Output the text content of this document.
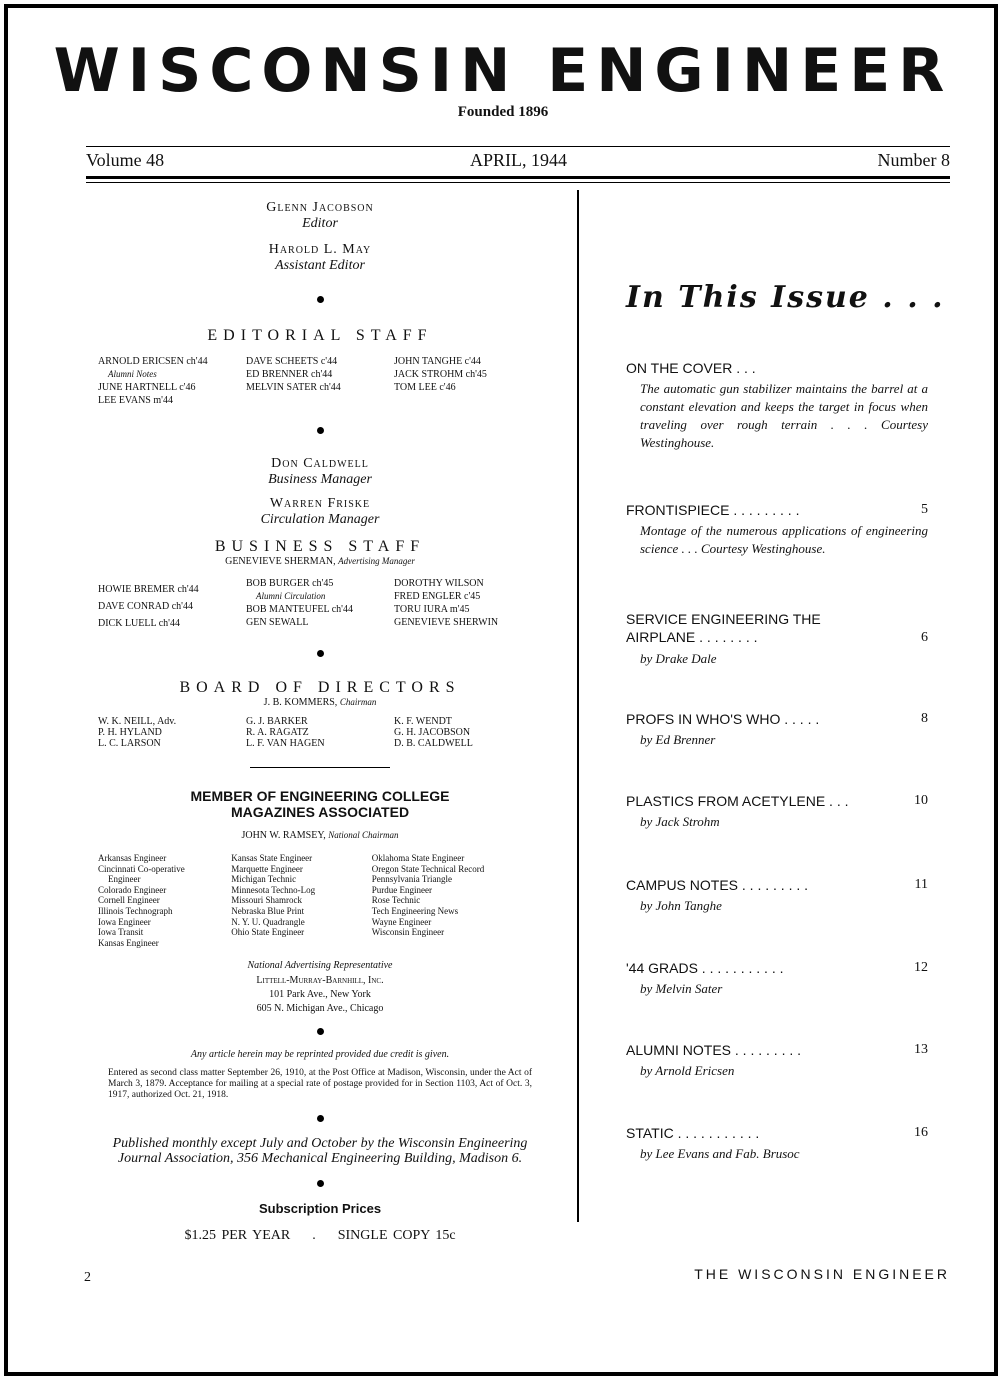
WISCONSIN ENGINEER
Founded 1896
Volume 48	APRIL, 1944	Number 8
Glenn Jacobson
Editor
Harold L. May
Assistant Editor
EDITORIAL STAFF
ARNOLD ERICSEN ch'44
Alumni Notes
JUNE HARTNELL c'46
LEE EVANS m'44
DAVE SCHEETS c'44
ED BRENNER ch'44
MELVIN SATER ch'44
JOHN TANGHE c'44
JACK STROHM ch'45
TOM LEE c'46
Don Caldwell
Business Manager
Warren Friske
Circulation Manager
BUSINESS STAFF
GENEVIEVE SHERMAN, Advertising Manager
HOWIE BREMER ch'44
DAVE CONRAD ch'44
DICK LUELL ch'44
BOB BURGER ch'45
Alumni Circulation
BOB MANTEUFEL ch'44
GEN SEWALL
DOROTHY WILSON
FRED ENGLER c'45
TORU IURA m'45
GENEVIEVE SHERWIN
BOARD OF DIRECTORS
J. B. KOMMERS, Chairman
W. K. NEILL, Adv.
P. H. HYLAND
L. C. LARSON
G. J. BARKER
R. A. RAGATZ
L. F. VAN HAGEN
K. F. WENDT
G. H. JACOBSON
D. B. CALDWELL
MEMBER OF ENGINEERING COLLEGE MAGAZINES ASSOCIATED
JOHN W. RAMSEY, National Chairman
Arkansas Engineer
Cincinnati Co-operative
Engineer
Colorado Engineer
Cornell Engineer
Illinois Technograph
Iowa Engineer
Iowa Transit
Kansas Engineer
Kansas State Engineer
Marquette Engineer
Michigan Technic
Minnesota Techno-Log
Missouri Shamrock
Nebraska Blue Print
N. Y. U. Quadrangle
Ohio State Engineer
Oklahoma State Engineer
Oregon State Technical Record
Pennsylvania Triangle
Purdue Engineer
Rose Technic
Tech Engineering News
Wayne Engineer
Wisconsin Engineer
National Advertising Representative
Littell-Murray-Barnhill, Inc.
101 Park Ave., New York
605 N. Michigan Ave., Chicago
Any article herein may be reprinted provided due credit is given.
Entered as second class matter September 26, 1910, at the Post Office at Madison, Wisconsin, under the Act of March 3, 1879. Acceptance for mailing at a special rate of postage provided for in Section 1103, Act of Oct. 3, 1917, authorized Oct. 21, 1918.
Published monthly except July and October by the Wisconsin Engineering Journal Association, 356 Mechanical Engineering Building, Madison 6.
Subscription Prices
$1.25 PER YEAR . SINGLE COPY 15c
In This Issue . . .
ON THE COVER . . .
The automatic gun stabilizer maintains the barrel at a constant elevation and keeps the target in focus when traveling over rough terrain . . . Courtesy Westinghouse.
FRONTISPIECE . . . . . . . . .	5
Montage of the numerous applications of engineering science . . . Courtesy Westinghouse.
SERVICE ENGINEERING THE AIRPLANE . . . . . . . .	6
by Drake Dale
PROFS IN WHO'S WHO . . . . .	8
by Ed Brenner
PLASTICS FROM ACETYLENE . . .	10
by Jack Strohm
CAMPUS NOTES . . . . . . . . .	11
by John Tanghe
'44 GRADS . . . . . . . . . . .	12
by Melvin Sater
ALUMNI NOTES . . . . . . . . .	13
by Arnold Ericsen
STATIC . . . . . . . . . . .	16
by Lee Evans and Fab. Brusoc
2	THE WISCONSIN ENGINEER
